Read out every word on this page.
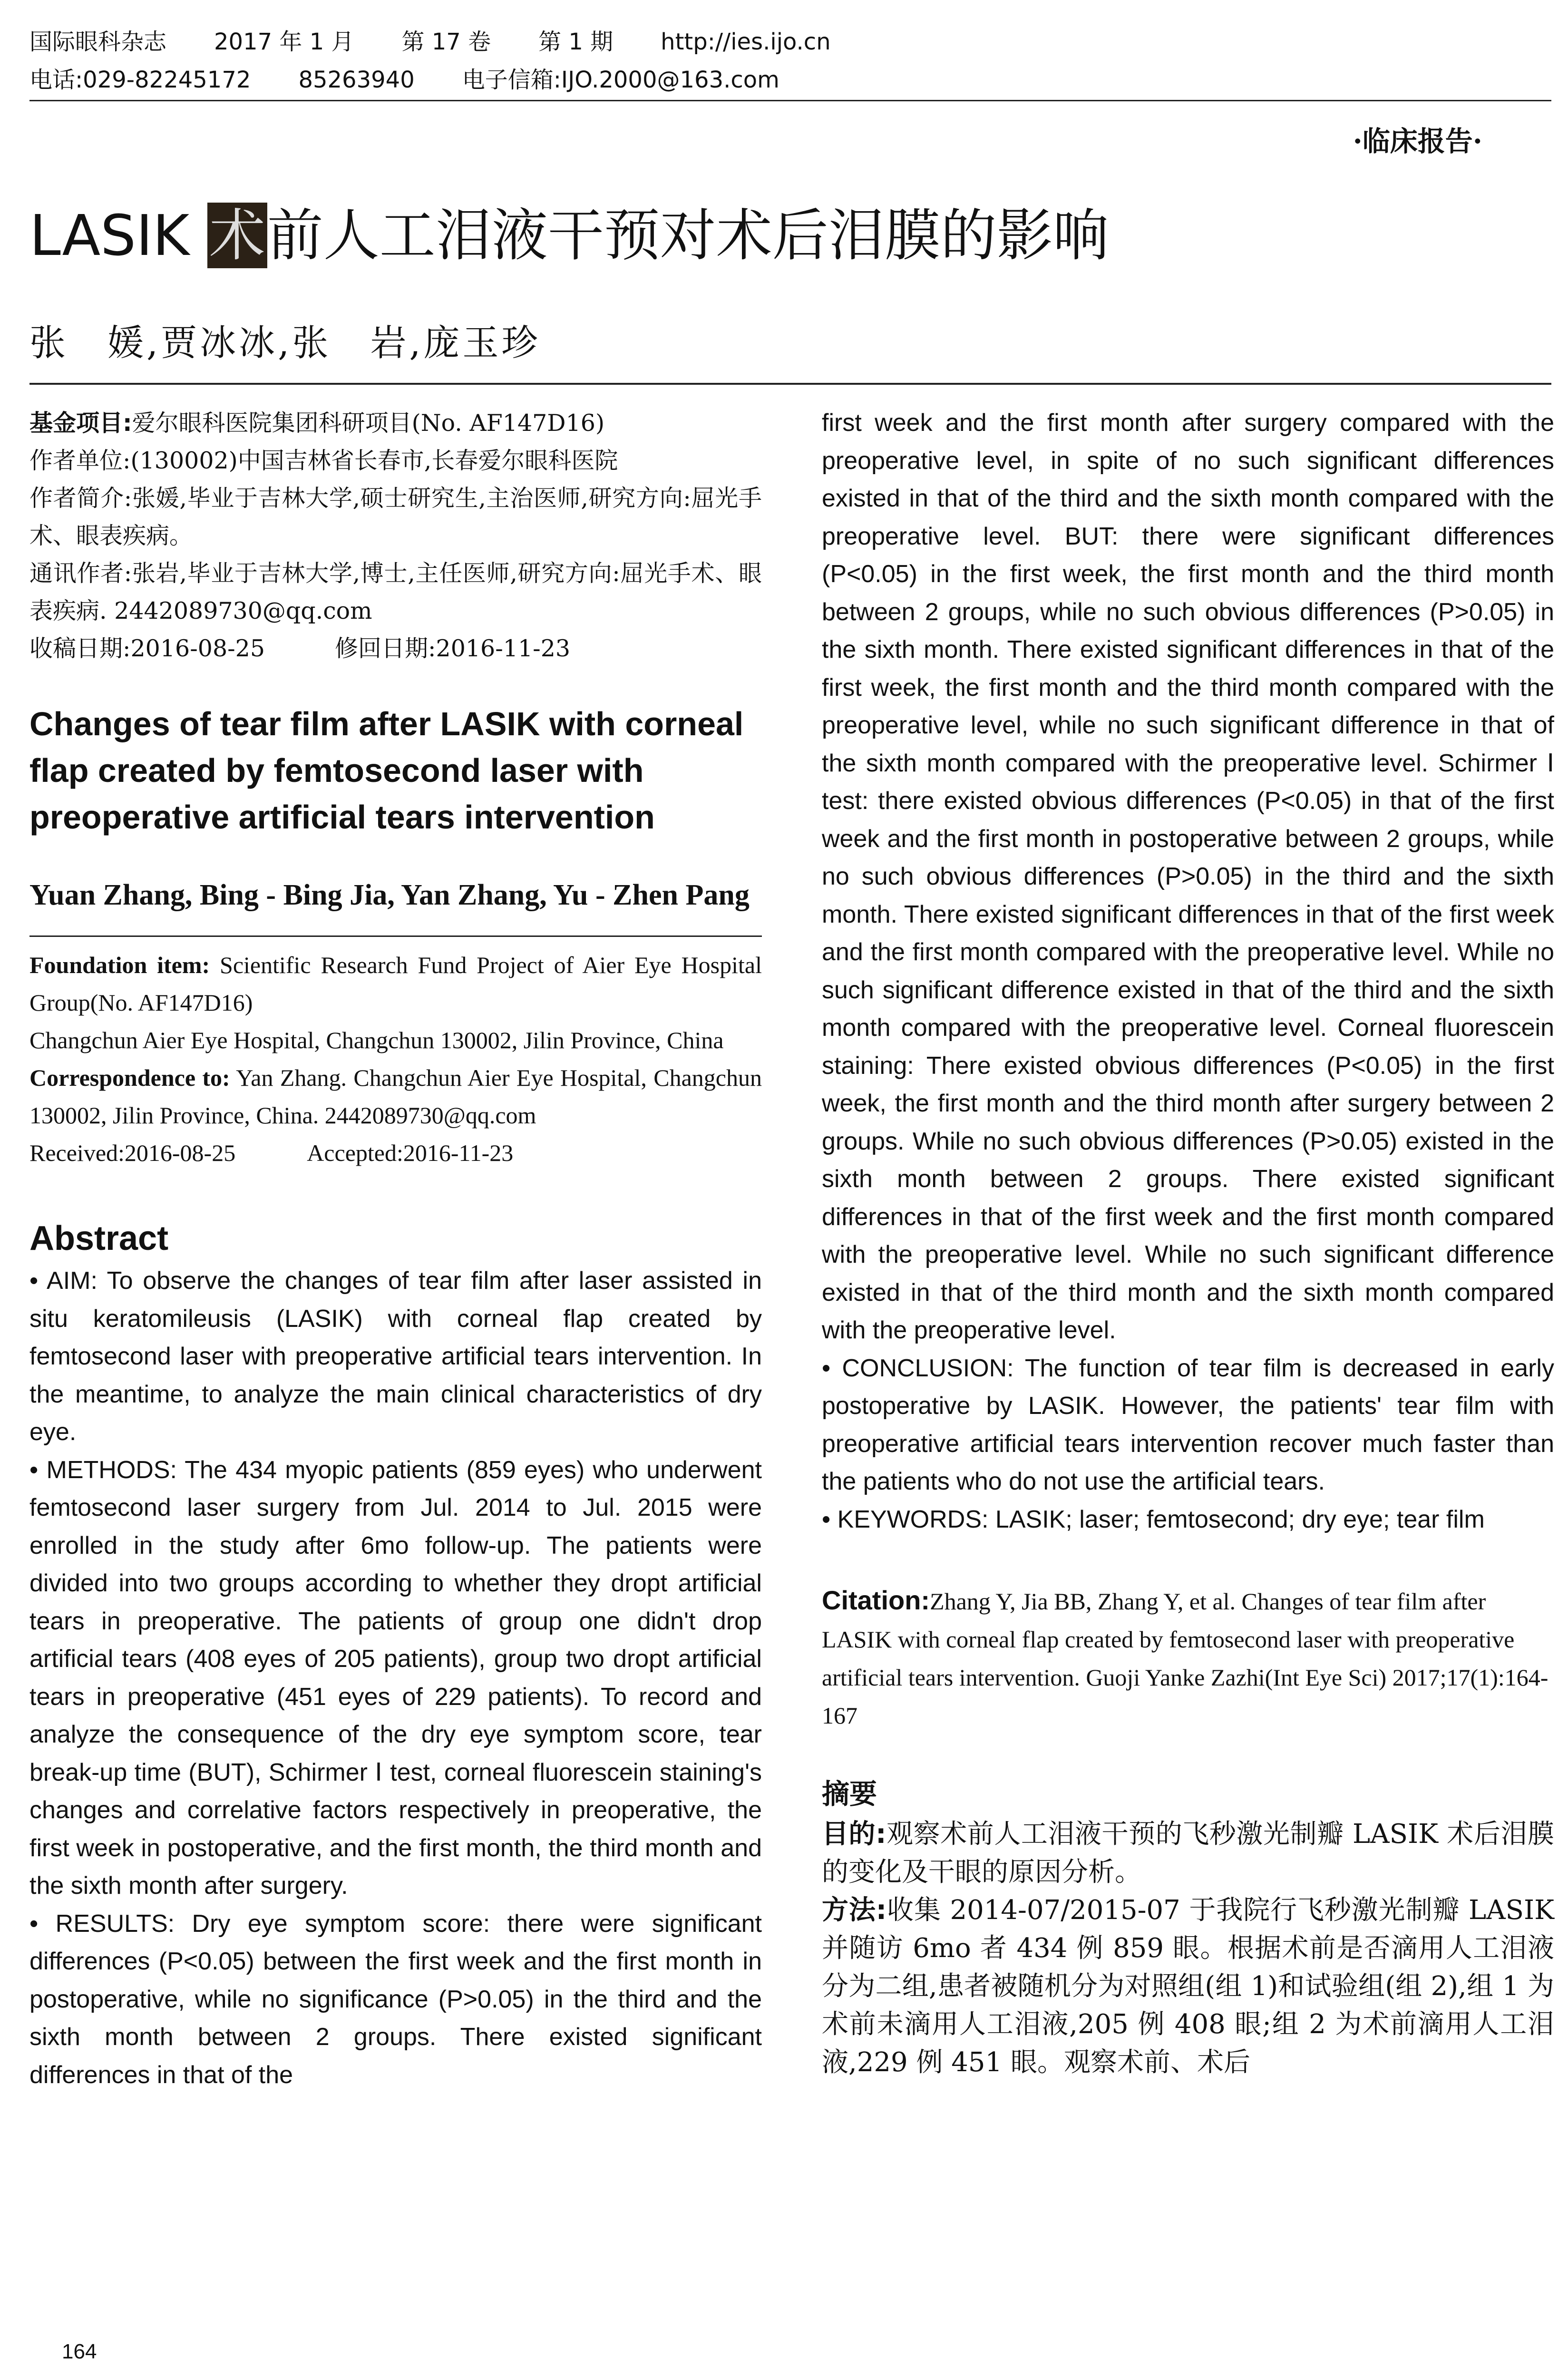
国际眼科杂志 2017 年 1 月 第 17 卷 第 1 期 http://ies.ijo.cn
电话:029-82245172 85263940 电子信箱:IJO.2000@163.com
·临床报告·
LASIK 术前人工泪液干预对术后泪膜的影响
张　媛,贾冰冰,张　岩,庞玉珍

基金项目:爱尔眼科医院集团科研项目(No. AF147D16)

作者单位:(130002)中国吉林省长春市,长春爱尔眼科医院

作者简介:张媛,毕业于吉林大学,硕士研究生,主治医师,研究方向:屈光手术、眼表疾病。

通讯作者:张岩,毕业于吉林大学,博士,主任医师,研究方向:屈光手术、眼表疾病. 2442089730@qq.com

收稿日期:2016-08-25　　　修回日期:2016-11-23

Changes of tear film after LASIK with corneal flap created by femtosecond laser with preoperative artificial tears intervention
Yuan Zhang, Bing - Bing Jia, Yan Zhang, Yu - Zhen Pang

Foundation item: Scientific Research Fund Project of Aier Eye Hospital Group(No. AF147D16)

Changchun Aier Eye Hospital, Changchun 130002, Jilin Province, China

Correspondence to: Yan Zhang. Changchun Aier Eye Hospital, Changchun 130002, Jilin Province, China. 2442089730@qq.com

Received:2016-08-25　　　Accepted:2016-11-23

Abstract

• AIM: To observe the changes of tear film after laser assisted in situ keratomileusis (LASIK) with corneal flap created by femtosecond laser with preoperative artificial tears intervention. In the meantime, to analyze the main clinical characteristics of dry eye.

• METHODS: The 434 myopic patients (859 eyes) who underwent femtosecond laser surgery from Jul. 2014 to Jul. 2015 were enrolled in the study after 6mo follow-up. The patients were divided into two groups according to whether they dropt artificial tears in preoperative. The patients of group one didn't drop artificial tears (408 eyes of 205 patients), group two dropt artificial tears in preoperative (451 eyes of 229 patients). To record and analyze the consequence of the dry eye symptom score, tear break-up time (BUT), Schirmer Ⅰ test, corneal fluorescein staining's changes and correlative factors respectively in preoperative, the first week in postoperative, and the first month, the third month and the sixth month after surgery.

• RESULTS: Dry eye symptom score: there were significant differences (P<0.05) between the first week and the first month in postoperative, while no significance (P>0.05) in the third and the sixth month between 2 groups. There existed significant differences in that of the

first week and the first month after surgery compared with the preoperative level, in spite of no such significant differences existed in that of the third and the sixth month compared with the preoperative level. BUT: there were significant differences (P<0.05) in the first week, the first month and the third month between 2 groups, while no such obvious differences (P>0.05) in the sixth month. There existed significant differences in that of the first week, the first month and the third month compared with the preoperative level, while no such significant difference in that of the sixth month compared with the preoperative level. Schirmer Ⅰ test: there existed obvious differences (P<0.05) in that of the first week and the first month in postoperative between 2 groups, while no such obvious differences (P>0.05) in the third and the sixth month. There existed significant differences in that of the first week and the first month compared with the preoperative level. While no such significant difference existed in that of the third and the sixth month compared with the preoperative level. Corneal fluorescein staining: There existed obvious differences (P<0.05) in the first week, the first month and the third month after surgery between 2 groups. While no such obvious differences (P>0.05) existed in the sixth month between 2 groups. There existed significant differences in that of the first week and the first month compared with the preoperative level. While no such significant difference existed in that of the third month and the sixth month compared with the preoperative level.

• CONCLUSION: The function of tear film is decreased in early postoperative by LASIK. However, the patients' tear film with preoperative artificial tears intervention recover much faster than the patients who do not use the artificial tears.

• KEYWORDS: LASIK; laser; femtosecond; dry eye; tear film

Citation:Zhang Y, Jia BB, Zhang Y, et al. Changes of tear film after LASIK with corneal flap created by femtosecond laser with preoperative artificial tears intervention. Guoji Yanke Zazhi(Int Eye Sci) 2017;17(1):164-167
摘要

目的:观察术前人工泪液干预的飞秒激光制瓣 LASIK 术后泪膜的变化及干眼的原因分析。

方法:收集 2014-07/2015-07 于我院行飞秒激光制瓣 LASIK 并随访 6mo 者 434 例 859 眼。根据术前是否滴用人工泪液分为二组,患者被随机分为对照组(组 1)和试验组(组 2),组 1 为术前未滴用人工泪液,205 例 408 眼;组 2 为术前滴用人工泪液,229 例 451 眼。观察术前、术后

164
